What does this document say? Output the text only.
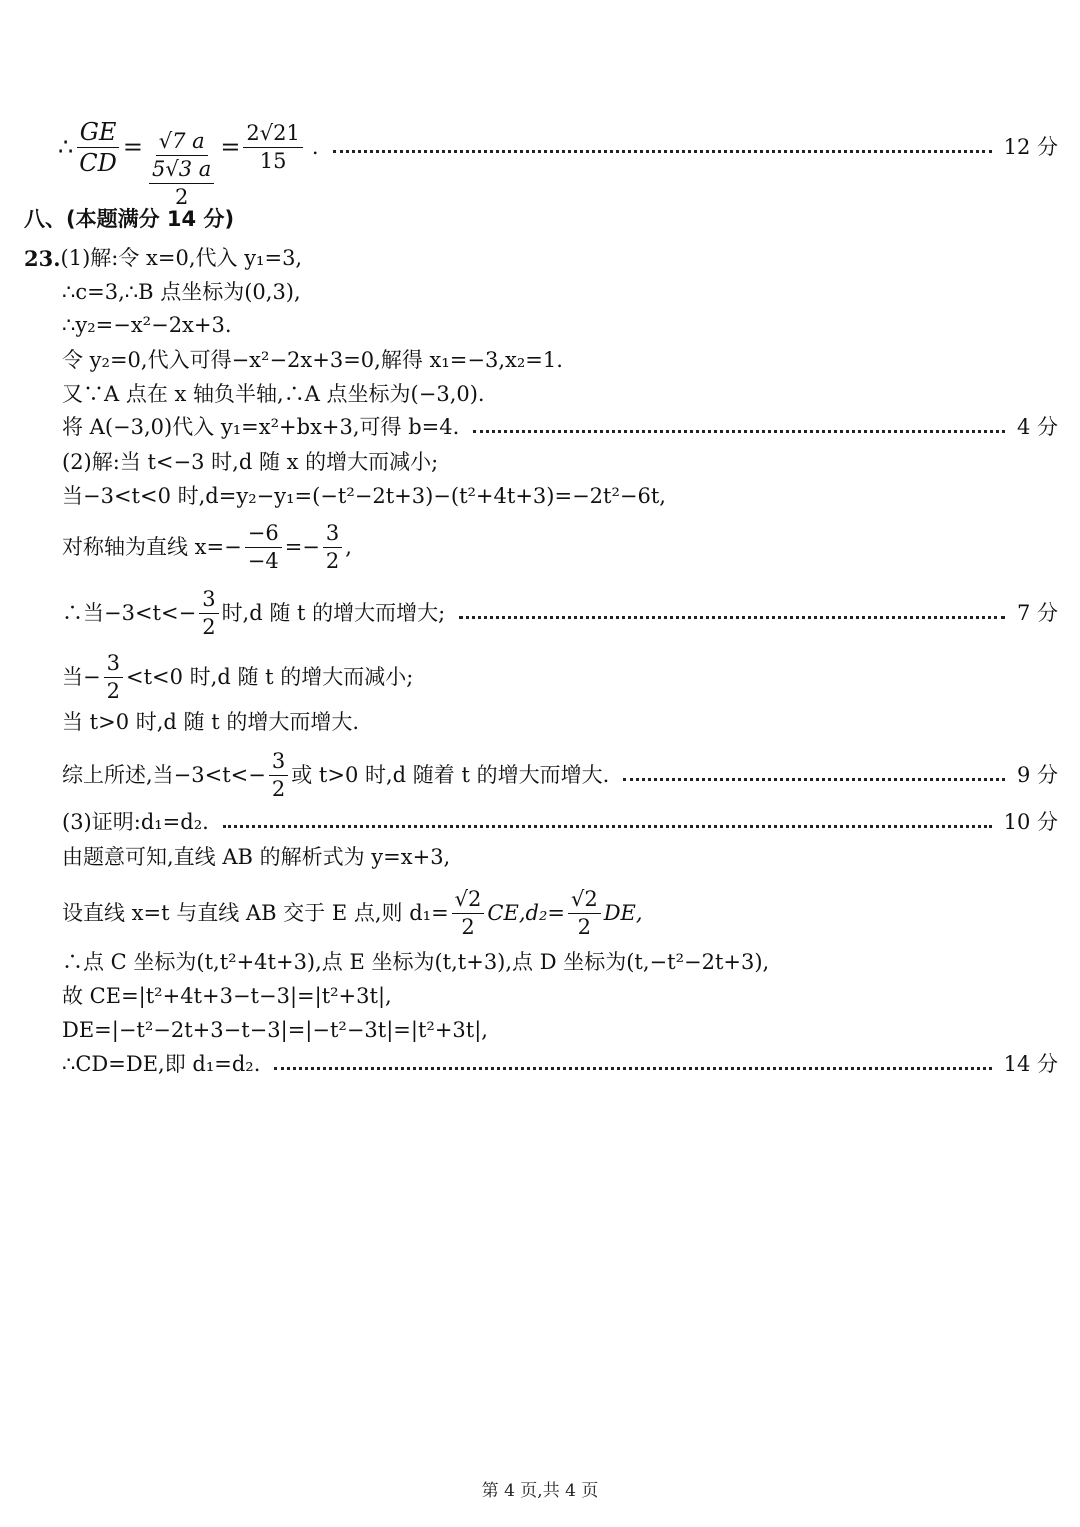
∴ $\frac{GE}{CD} = \frac{√7 a}{\frac{5√3 a}{2}} = \frac{2√21}{15}$ .	12 分
八、(本题满分 14 分)
23. (1)解:令 x=0,代入 y₁=3,
∴c=3,∴B 点坐标为(0,3),
∴y₂=−x²−2x+3.
令 y₂=0,代入可得−x²−2x+3=0,解得 x₁=−3,x₂=1.
又∵A 点在 x 轴负半轴,∴A 点坐标为(−3,0).
将 A(−3,0)代入 y₁=x²+bx+3,可得 b=4.	4 分
(2)解:当 t<−3 时,d 随 x 的增大而减小;
当−3<t<0 时,d=y₂−y₁=(−t²−2t+3)−(t²+4t+3)=−2t²−6t,
对称轴为直线 $x=- \frac{-6}{-4} =- \frac{3}{2}$ ,
∴当$-3<t<- \frac{3}{2}$ 时,d 随 t 的增大而增大;	7 分
当− $\frac{3}{2} <t<0$ 时,d 随 t 的增大而减小;
当 t>0 时,d 随 t 的增大而增大.
综上所述,当$-3<t<- \frac{3}{2}$ 或 t>0 时,d 随着 t 的增大而增大.	9 分
(3)证明:d₁=d₂.	10 分
由题意可知,直线 AB 的解析式为 y=x+3,
设直线 x=t 与直线 AB 交于 E 点,则 $d_1= \frac{√2}{2} CE,d_2= \frac{√2}{2}$ DE,
∴点 C 坐标为(t,t²+4t+3),点 E 坐标为(t,t+3),点 D 坐标为(t,−t²−2t+3),
故 CE=|t²+4t+3−t−3|=|t²+3t|,
DE=|−t²−2t+3−t−3|=|−t²−3t|=|t²+3t|,
∴CD=DE,即 d₁=d₂.	14 分
第 4 页,共 4 页
